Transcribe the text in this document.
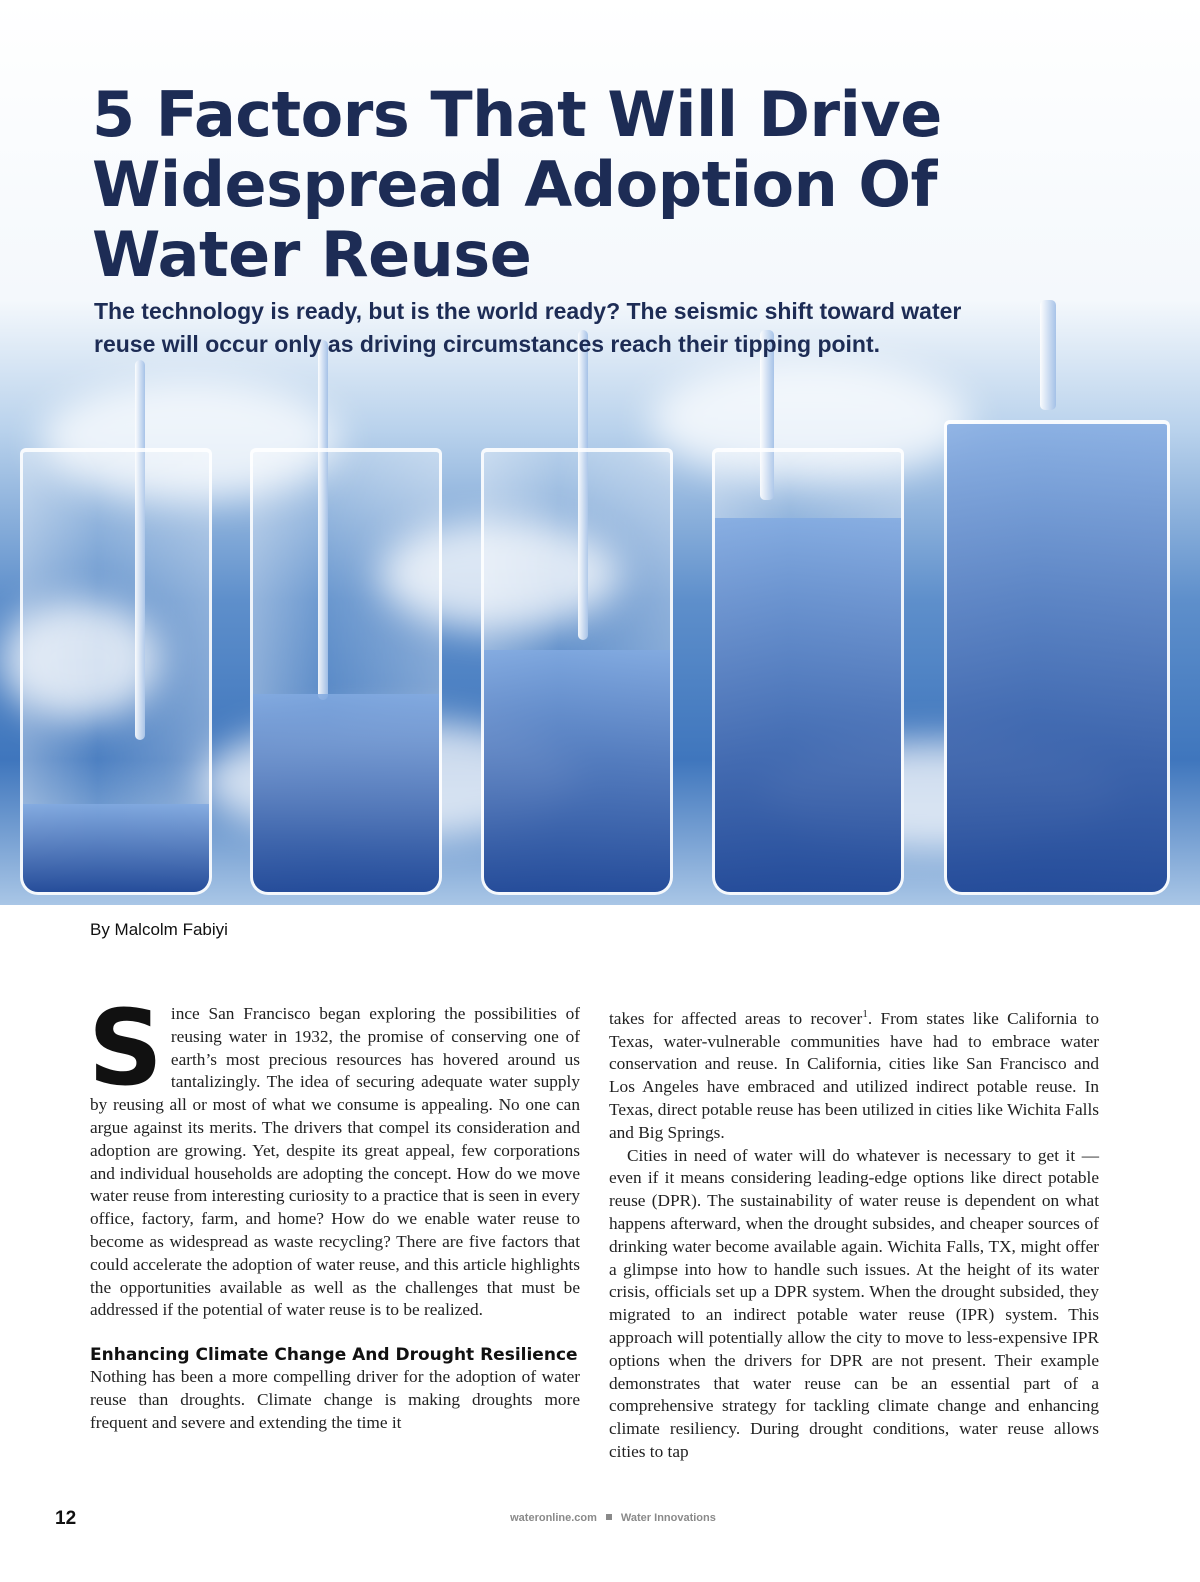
5 Factors That Will Drive Widespread Adoption Of Water Reuse

The technology is ready, but is the world ready? The seismic shift toward water reuse will occur only as driving circumstances reach their tipping point.

By Malcolm Fabiyi

Since San Francisco began exploring the possibilities of reusing water in 1932, the promise of conserving one of earth’s most precious resources has hovered around us tantalizingly. The idea of securing adequate water supply by reusing all or most of what we consume is appealing. No one can argue against its merits. The drivers that compel its consideration and adoption are growing. Yet, despite its great appeal, few corporations and individual households are adopting the concept. How do we move water reuse from interesting curiosity to a practice that is seen in every office, factory, farm, and home? How do we enable water reuse to become as widespread as waste recycling? There are five factors that could accelerate the adoption of water reuse, and this article highlights the opportunities available as well as the challenges that must be addressed if the potential of water reuse is to be realized.

Enhancing Climate Change And Drought Resilience

Nothing has been a more compelling driver for the adoption of water reuse than droughts. Climate change is making droughts more frequent and severe and extending the time it

takes for affected areas to recover$^1$. From states like California to Texas, water-vulnerable communities have had to embrace water conservation and reuse. In California, cities like San Francisco and Los Angeles have embraced and utilized indirect potable reuse. In Texas, direct potable reuse has been utilized in cities like Wichita Falls and Big Springs.

Cities in need of water will do whatever is necessary to get it — even if it means considering leading-edge options like direct potable reuse (DPR). The sustainability of water reuse is dependent on what happens afterward, when the drought subsides, and cheaper sources of drinking water become available again. Wichita Falls, TX, might offer a glimpse into how to handle such issues. At the height of its water crisis, officials set up a DPR system. When the drought subsided, they migrated to an indirect potable water reuse (IPR) system. This approach will potentially allow the city to move to less-expensive IPR options when the drivers for DPR are not present. Their example demonstrates that water reuse can be an essential part of a comprehensive strategy for tackling climate change and enhancing climate resiliency. During drought conditions, water reuse allows cities to tap

12	wateronline.com Water Innovations
